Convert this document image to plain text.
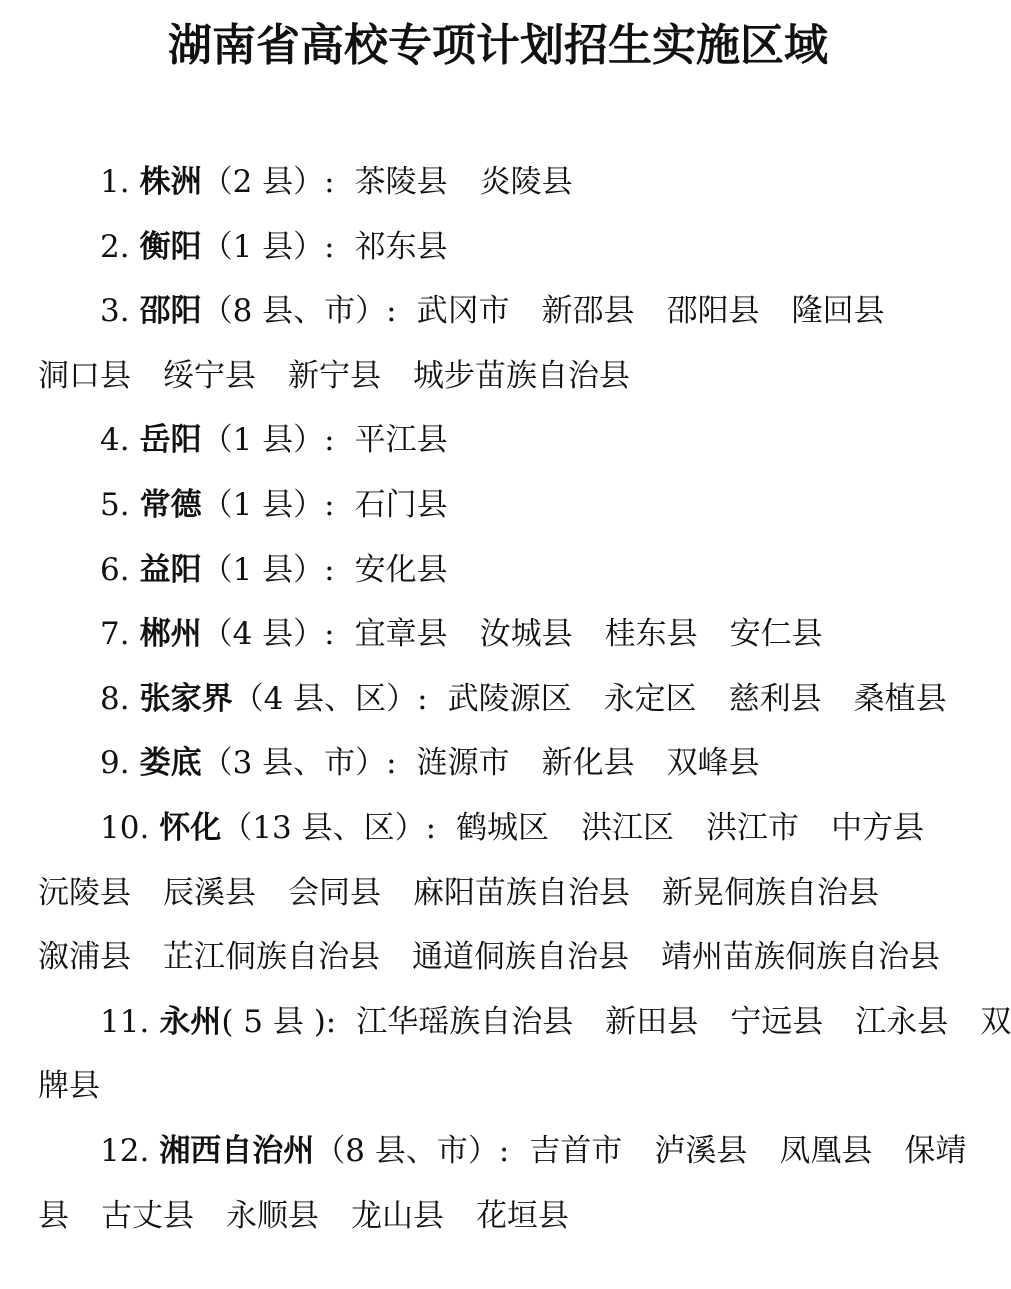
湖南省高校专项计划招生实施区域
1. 株洲（2 县）: 茶陵县 炎陵县
2. 衡阳（1 县）: 祁东县
3. 邵阳（8 县、市）: 武冈市 新邵县 邵阳县 隆回县
洞口县 绥宁县 新宁县 城步苗族自治县
4. 岳阳（1 县）: 平江县
5. 常德（1 县）: 石门县
6. 益阳（1 县）: 安化县
7. 郴州（4 县）: 宜章县 汝城县 桂东县 安仁县
8. 张家界（4 县、区）: 武陵源区 永定区 慈利县 桑植县
9. 娄底（3 县、市）: 涟源市 新化县 双峰县
10. 怀化（13 县、区）: 鹤城区 洪江区 洪江市 中方县
沅陵县 辰溪县 会同县 麻阳苗族自治县 新晃侗族自治县
溆浦县 芷江侗族自治县 通道侗族自治县 靖州苗族侗族自治县
11. 永州( 5 县 ): 江华瑶族自治县 新田县 宁远县 江永县 双
牌县
12. 湘西自治州（8 县、市）: 吉首市 泸溪县 凤凰县 保靖
县 古丈县 永顺县 龙山县 花垣县
